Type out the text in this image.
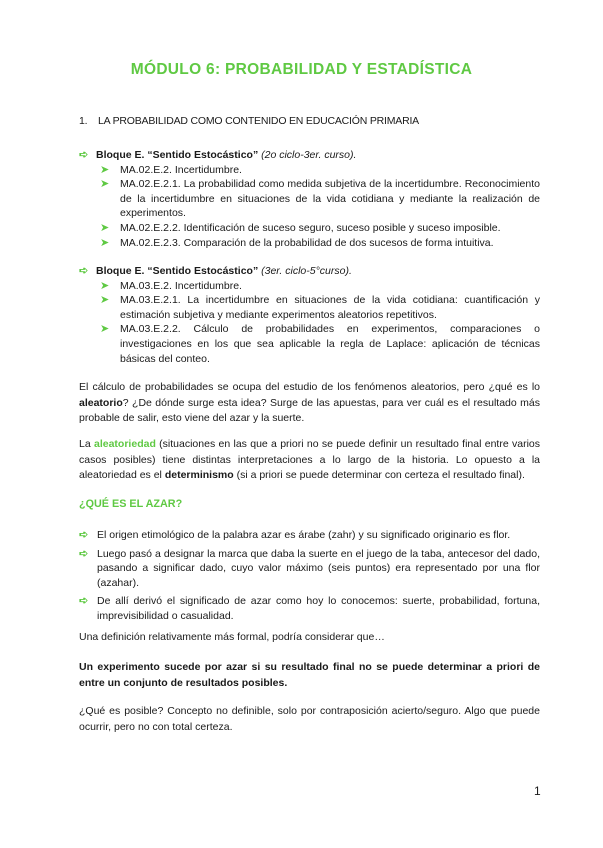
MÓDULO 6: PROBABILIDAD Y ESTADÍSTICA
1. LA PROBABILIDAD COMO CONTENIDO EN EDUCACIÓN PRIMARIA
➪ Bloque E. “Sentido Estocástico” (2o ciclo-3er. curso).
➤	MA.02.E.2. Incertidumbre.
➤	MA.02.E.2.1. La probabilidad como medida subjetiva de la incertidumbre. Reconocimiento de la incertidumbre en situaciones de la vida cotidiana y mediante la realización de experimentos.
➤	MA.02.E.2.2. Identificación de suceso seguro, suceso posible y suceso imposible.
➤	MA.02.E.2.3. Comparación de la probabilidad de dos sucesos de forma intuitiva.
➪ Bloque E. “Sentido Estocástico” (3er. ciclo-5°curso).
➤	MA.03.E.2. Incertidumbre.
➤	MA.03.E.2.1. La incertidumbre en situaciones de la vida cotidiana: cuantificación y estimación subjetiva y mediante experimentos aleatorios repetitivos.
➤	MA.03.E.2.2. Cálculo de probabilidades en experimentos, comparaciones o investigaciones en los que sea aplicable la regla de Laplace: aplicación de técnicas básicas del conteo.
El cálculo de probabilidades se ocupa del estudio de los fenómenos aleatorios, pero ¿qué es lo aleatorio? ¿De dónde surge esta idea? Surge de las apuestas, para ver cuál es el resultado más probable de salir, esto viene del azar y la suerte.
La aleatoriedad (situaciones en las que a priori no se puede definir un resultado final entre varios casos posibles) tiene distintas interpretaciones a lo largo de la historia. Lo opuesto a la aleatoriedad es el determinismo (si a priori se puede determinar con certeza el resultado final).
¿QUÉ ES EL AZAR?
➪ El origen etimológico de la palabra azar es árabe (zahr) y su significado originario es flor.
➪ Luego pasó a designar la marca que daba la suerte en el juego de la taba, antecesor del dado, pasando a significar dado, cuyo valor máximo (seis puntos) era representado por una flor (azahar).
➪ De allí derivó el significado de azar como hoy lo conocemos: suerte, probabilidad, fortuna, imprevisibilidad o casualidad.
Una definición relativamente más formal, podría considerar que…
Un experimento sucede por azar si su resultado final no se puede determinar a priori de entre un conjunto de resultados posibles.
¿Qué es posible? Concepto no definible, solo por contraposición acierto/seguro. Algo que puede ocurrir, pero no con total certeza.
1
